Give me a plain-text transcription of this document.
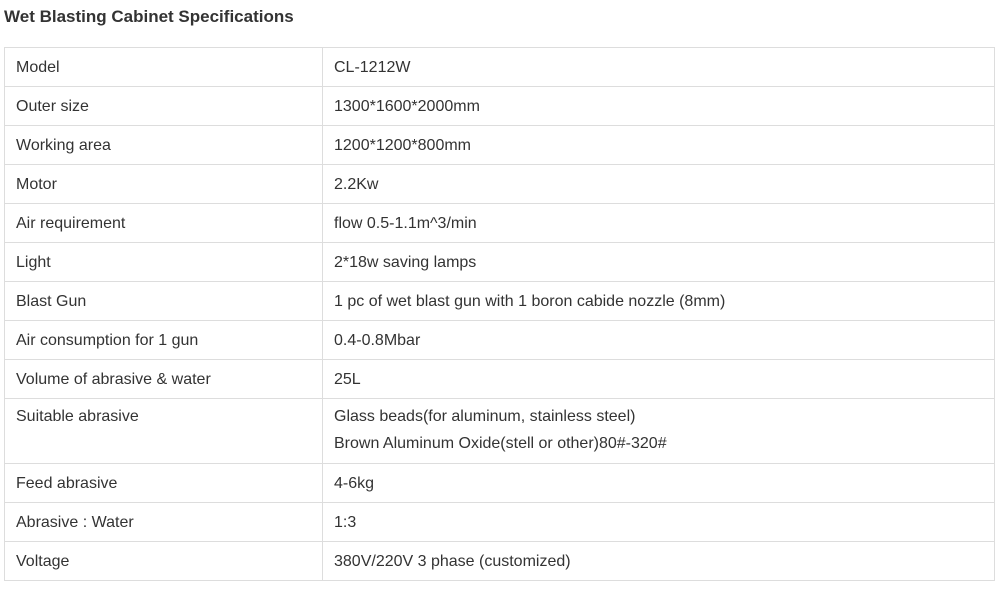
Wet Blasting Cabinet Specifications
Model	CL-1212W
Outer size	1300*1600*2000mm
Working area	1200*1200*800mm
Motor	2.2Kw
Air requirement	flow 0.5-1.1m^3/min
Light	2*18w saving lamps
Blast Gun	1 pc of wet blast gun with 1 boron cabide nozzle (8mm)
Air consumption for 1 gun	0.4-0.8Mbar
Volume of abrasive & water	25L
Suitable abrasive	Glass beads(for aluminum, stainless steel)
Brown Aluminum Oxide(stell or other)80#-320#

Feed abrasive	4-6kg
Abrasive : Water	1:3
Voltage	380V/220V 3 phase (customized)
